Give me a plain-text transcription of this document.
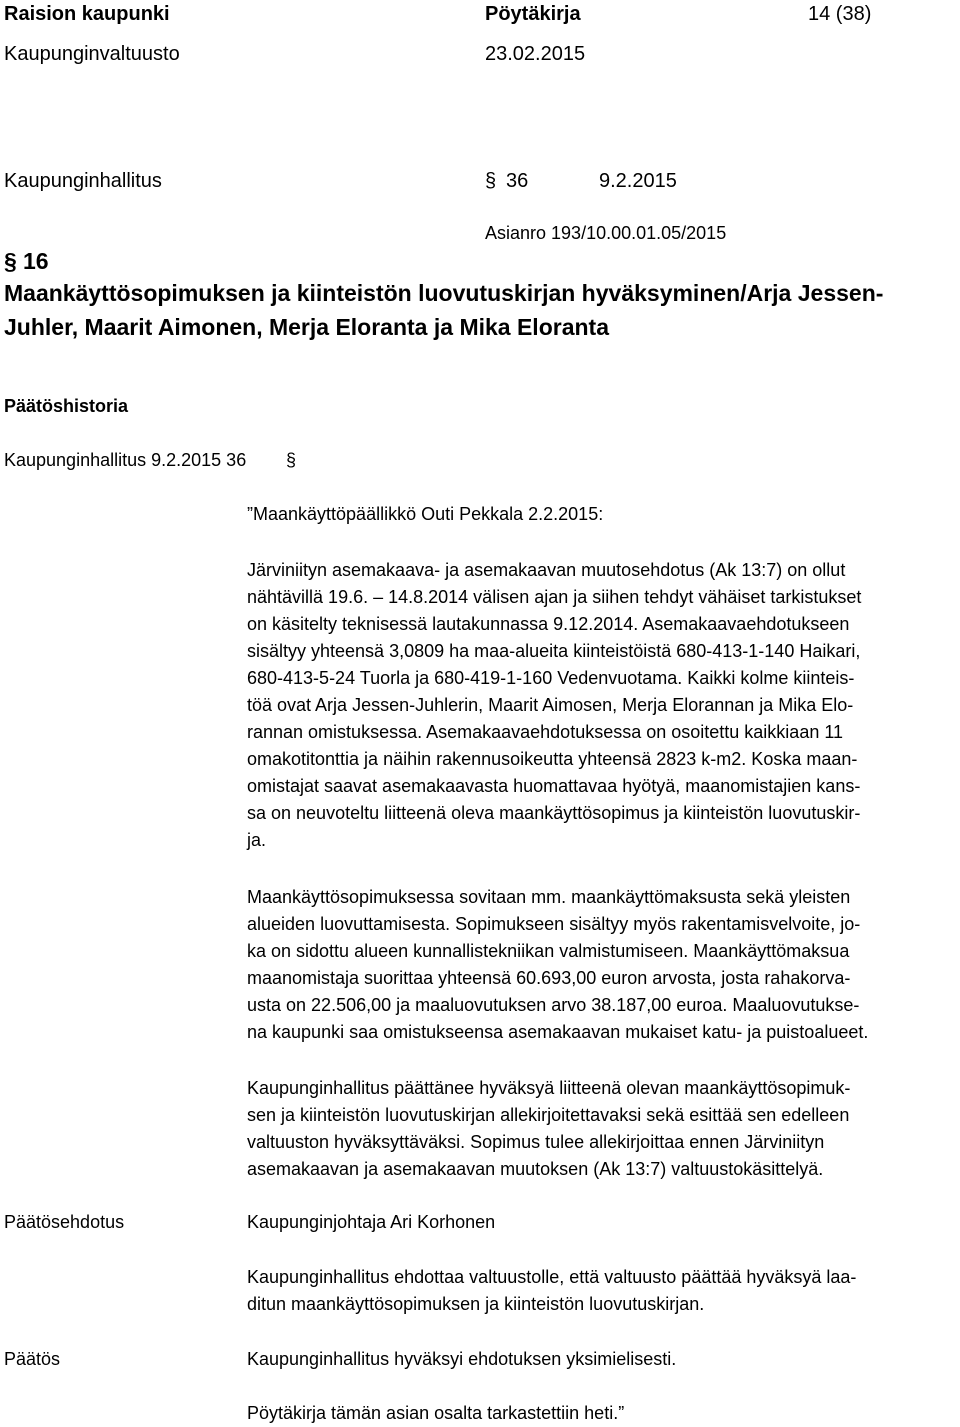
Raision kaupunki	Pöytäkirja	14 (38)
Kaupunginvaltuusto	23.02.2015
Kaupunginhallitus	§ 36	9.2.2015
Asianro 193/10.00.01.05/2015
§ 16
Maankäyttösopimuksen ja kiinteistön luovutuskirjan hyväksyminen/Arja Jessen-
Juhler, Maarit Aimonen, Merja Eloranta ja Mika Eloranta
Päätöshistoria
Kaupunginhallitus 9.2.2015 36 §
”Maankäyttöpäällikkö Outi Pekkala 2.2.2015:
Järviniityn asemakaava- ja asemakaavan muutosehdotus (Ak 13:7) on ollut
nähtävillä 19.6. – 14.8.2014 välisen ajan ja siihen tehdyt vähäiset tarkistukset
on käsitelty teknisessä lautakunnassa 9.12.2014. Asemakaavaehdotukseen
sisältyy yhteensä 3,0809 ha maa-alueita kiinteistöistä 680-413-1-140 Haikari,
680-413-5-24 Tuorla ja 680-419-1-160 Vedenvuotama. Kaikki kolme kiinteis-
töä ovat Arja Jessen-Juhlerin, Maarit Aimosen, Merja Elorannan ja Mika Elo-
rannan omistuksessa. Asemakaavaehdotuksessa on osoitettu kaikkiaan 11
omakotitonttia ja näihin rakennusoikeutta yhteensä 2823 k-m2. Koska maan-
omistajat saavat asemakaavasta huomattavaa hyötyä, maanomistajien kans-
sa on neuvoteltu liitteenä oleva maankäyttösopimus ja kiinteistön luovutuskir-
ja.
Maankäyttösopimuksessa sovitaan mm. maankäyttömaksusta sekä yleisten
alueiden luovuttamisesta. Sopimukseen sisältyy myös rakentamisvelvoite, jo-
ka on sidottu alueen kunnallistekniikan valmistumiseen. Maankäyttömaksua
maanomistaja suorittaa yhteensä 60.693,00 euron arvosta, josta rahakorva-
usta on 22.506,00 ja maaluovutuksen arvo 38.187,00 euroa. Maaluovutukse-
na kaupunki saa omistukseensa asemakaavan mukaiset katu- ja puistoalueet.
Kaupunginhallitus päättänee hyväksyä liitteenä olevan maankäyttösopimuk-
sen ja kiinteistön luovutuskirjan allekirjoitettavaksi sekä esittää sen edelleen
valtuuston hyväksyttäväksi. Sopimus tulee allekirjoittaa ennen Järviniityn
asemakaavan ja asemakaavan muutoksen (Ak 13:7) valtuustokäsittelyä.
Päätösehdotus	Kaupunginjohtaja Ari Korhonen
Kaupunginhallitus ehdottaa valtuustolle, että valtuusto päättää hyväksyä laa-
ditun maankäyttösopimuksen ja kiinteistön luovutuskirjan.
Päätös	Kaupunginhallitus hyväksyi ehdotuksen yksimielisesti.
Pöytäkirja tämän asian osalta tarkastettiin heti.”
